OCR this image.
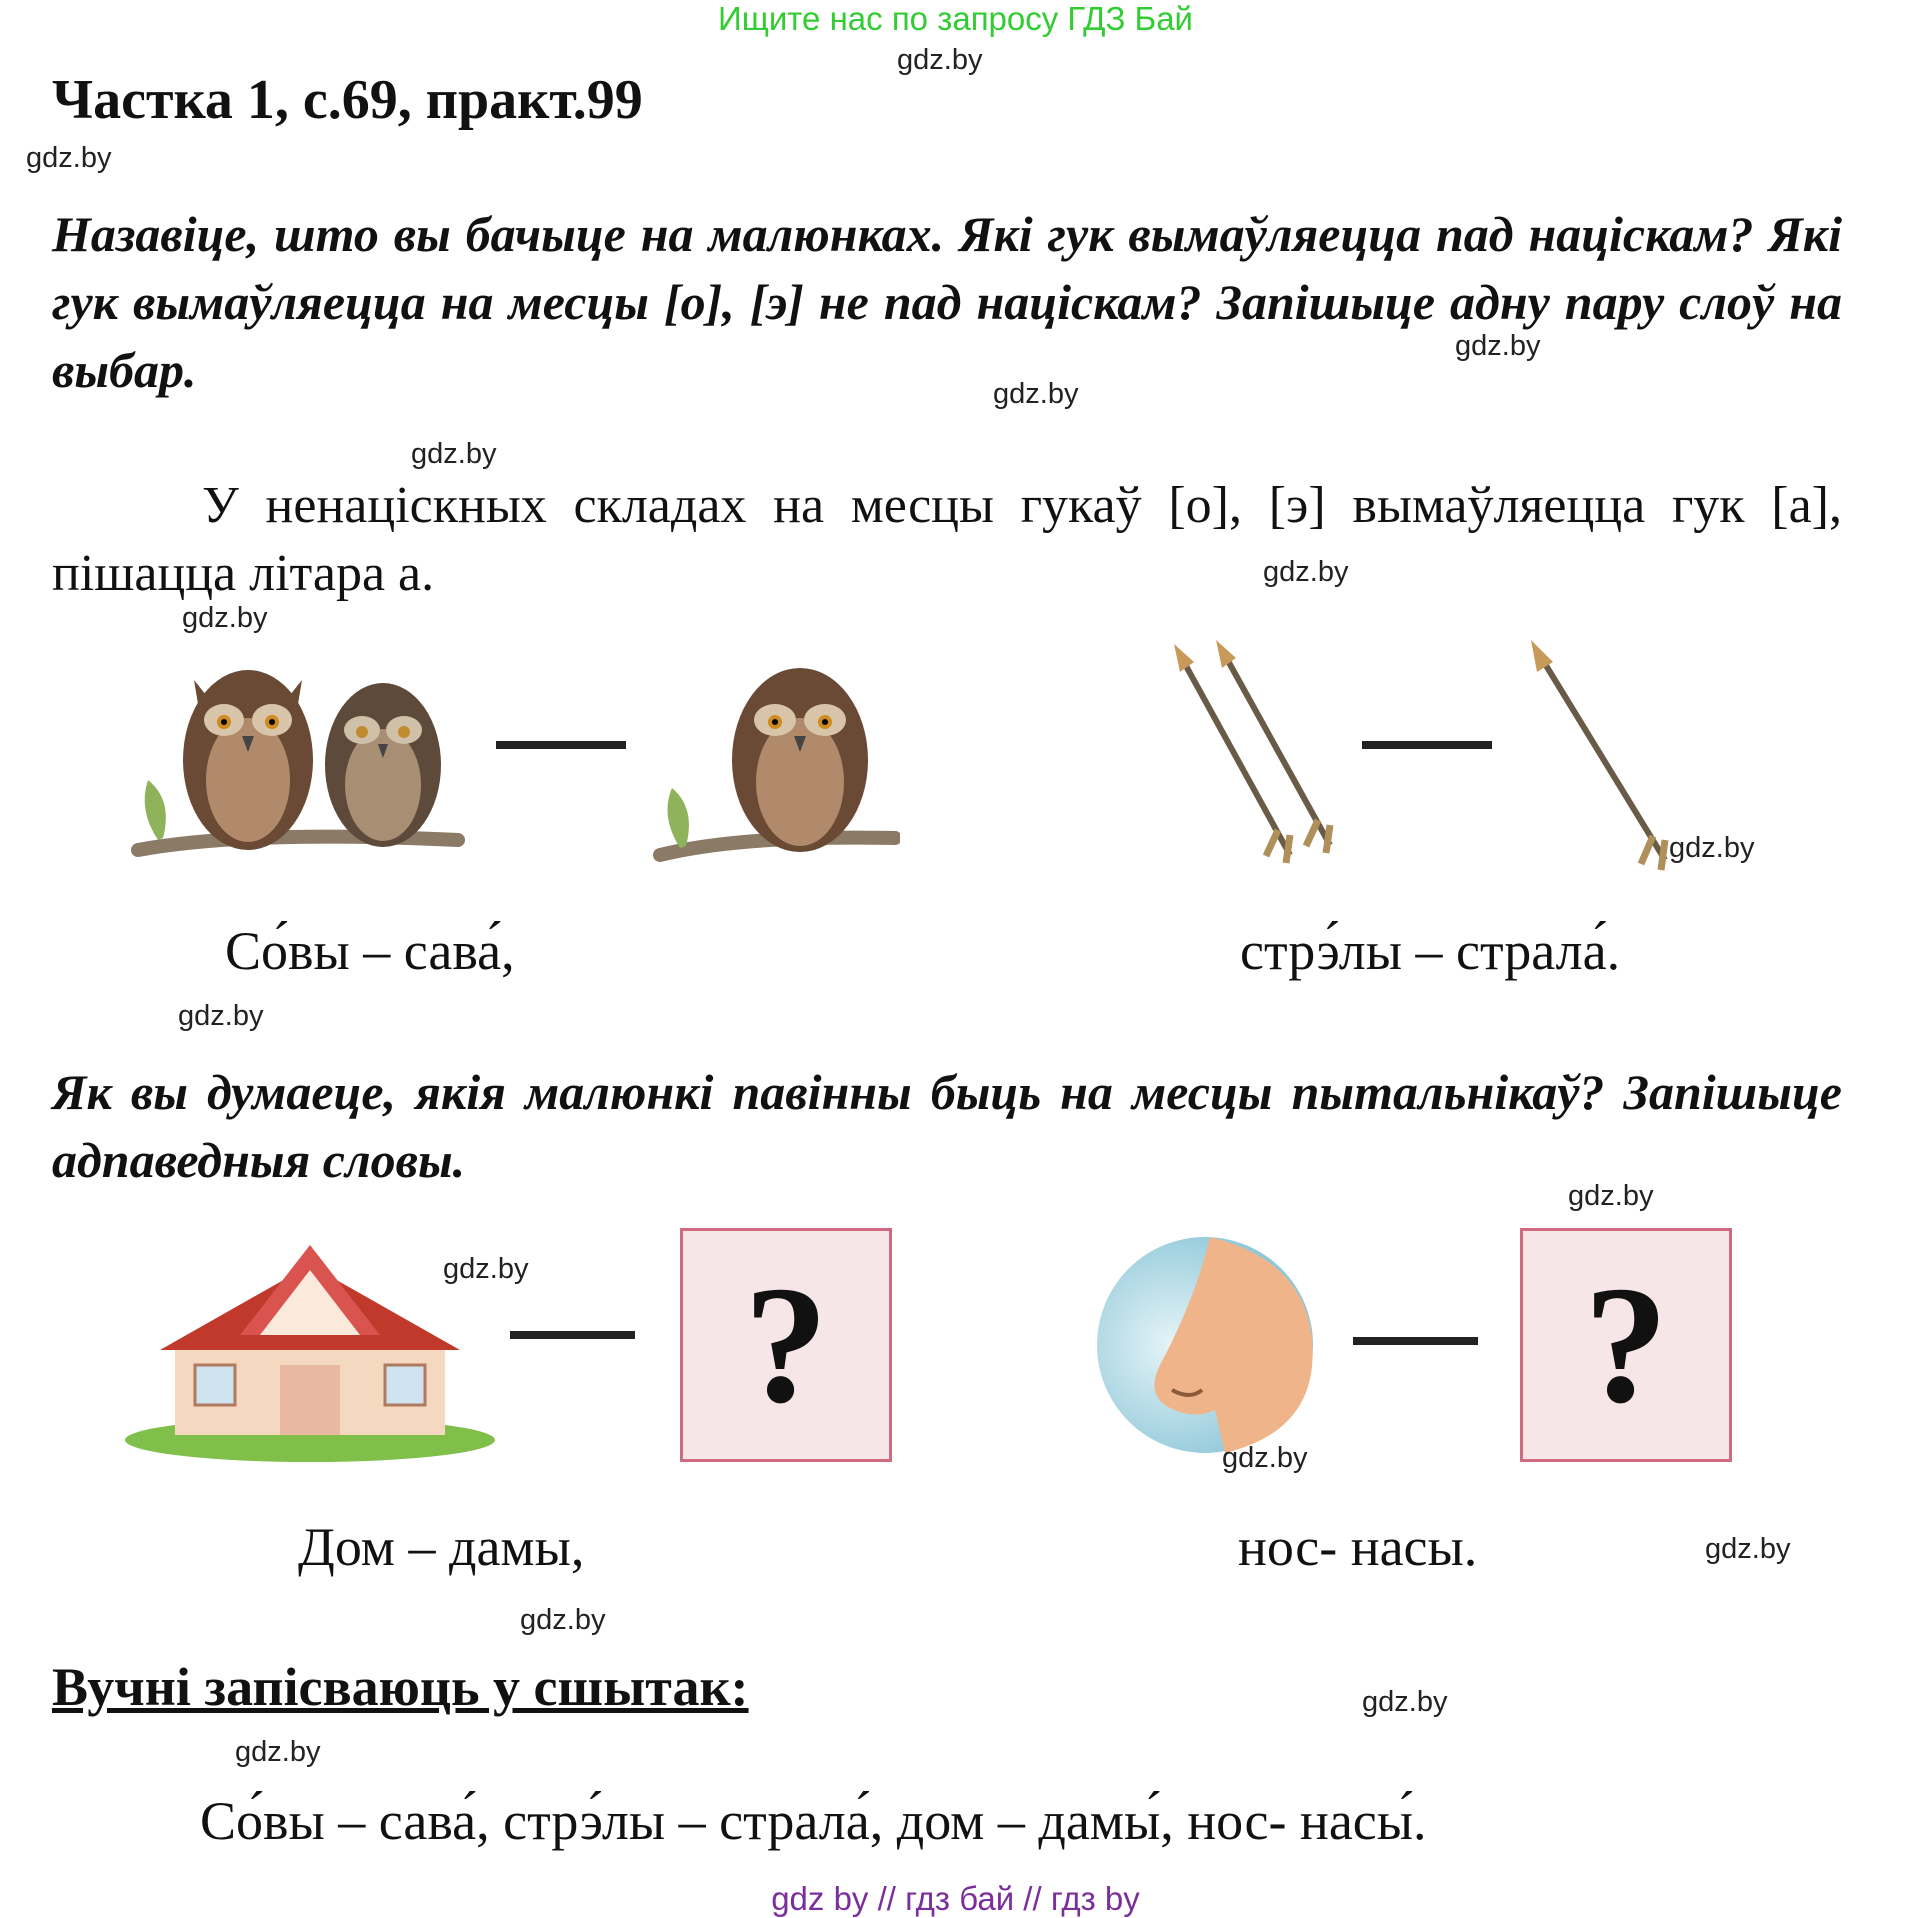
Ищите нас по запросу ГДЗ Бай
Частка 1, с.69, практ.99
Назавіце, што вы бачыце на малюнках. Які гук вымаўляецца пад націскам? Які гук вымаўляецца на месцы [о], [э] не пад націскам? Запішыце адну пару слоў на выбар.
У ненаціскных складах на месцы гукаў [о], [э] вымаўляецца гук [а], пішацца літара а.
Со́вы – сава́,	стрэ́лы – страла́.
Як вы думаеце, якія малюнкі павінны быць на месцы пытальнікаў? Запішыце адпаведныя словы.
?	?
Дом – дамы,	нос- насы.
Вучні запісваюць у сшытак:
Со́вы – сава́, стрэ́лы – страла́, дом – дамы́, нос- насы́.
gdz by // гдз бай // гдз by
gdz.by
gdz.by
gdz.by
gdz.by
gdz.by
gdz.by
gdz.by
gdz.by
gdz.by
gdz.by
gdz.by
gdz.by
gdz.by
gdz.by
gdz.by
gdz.by
